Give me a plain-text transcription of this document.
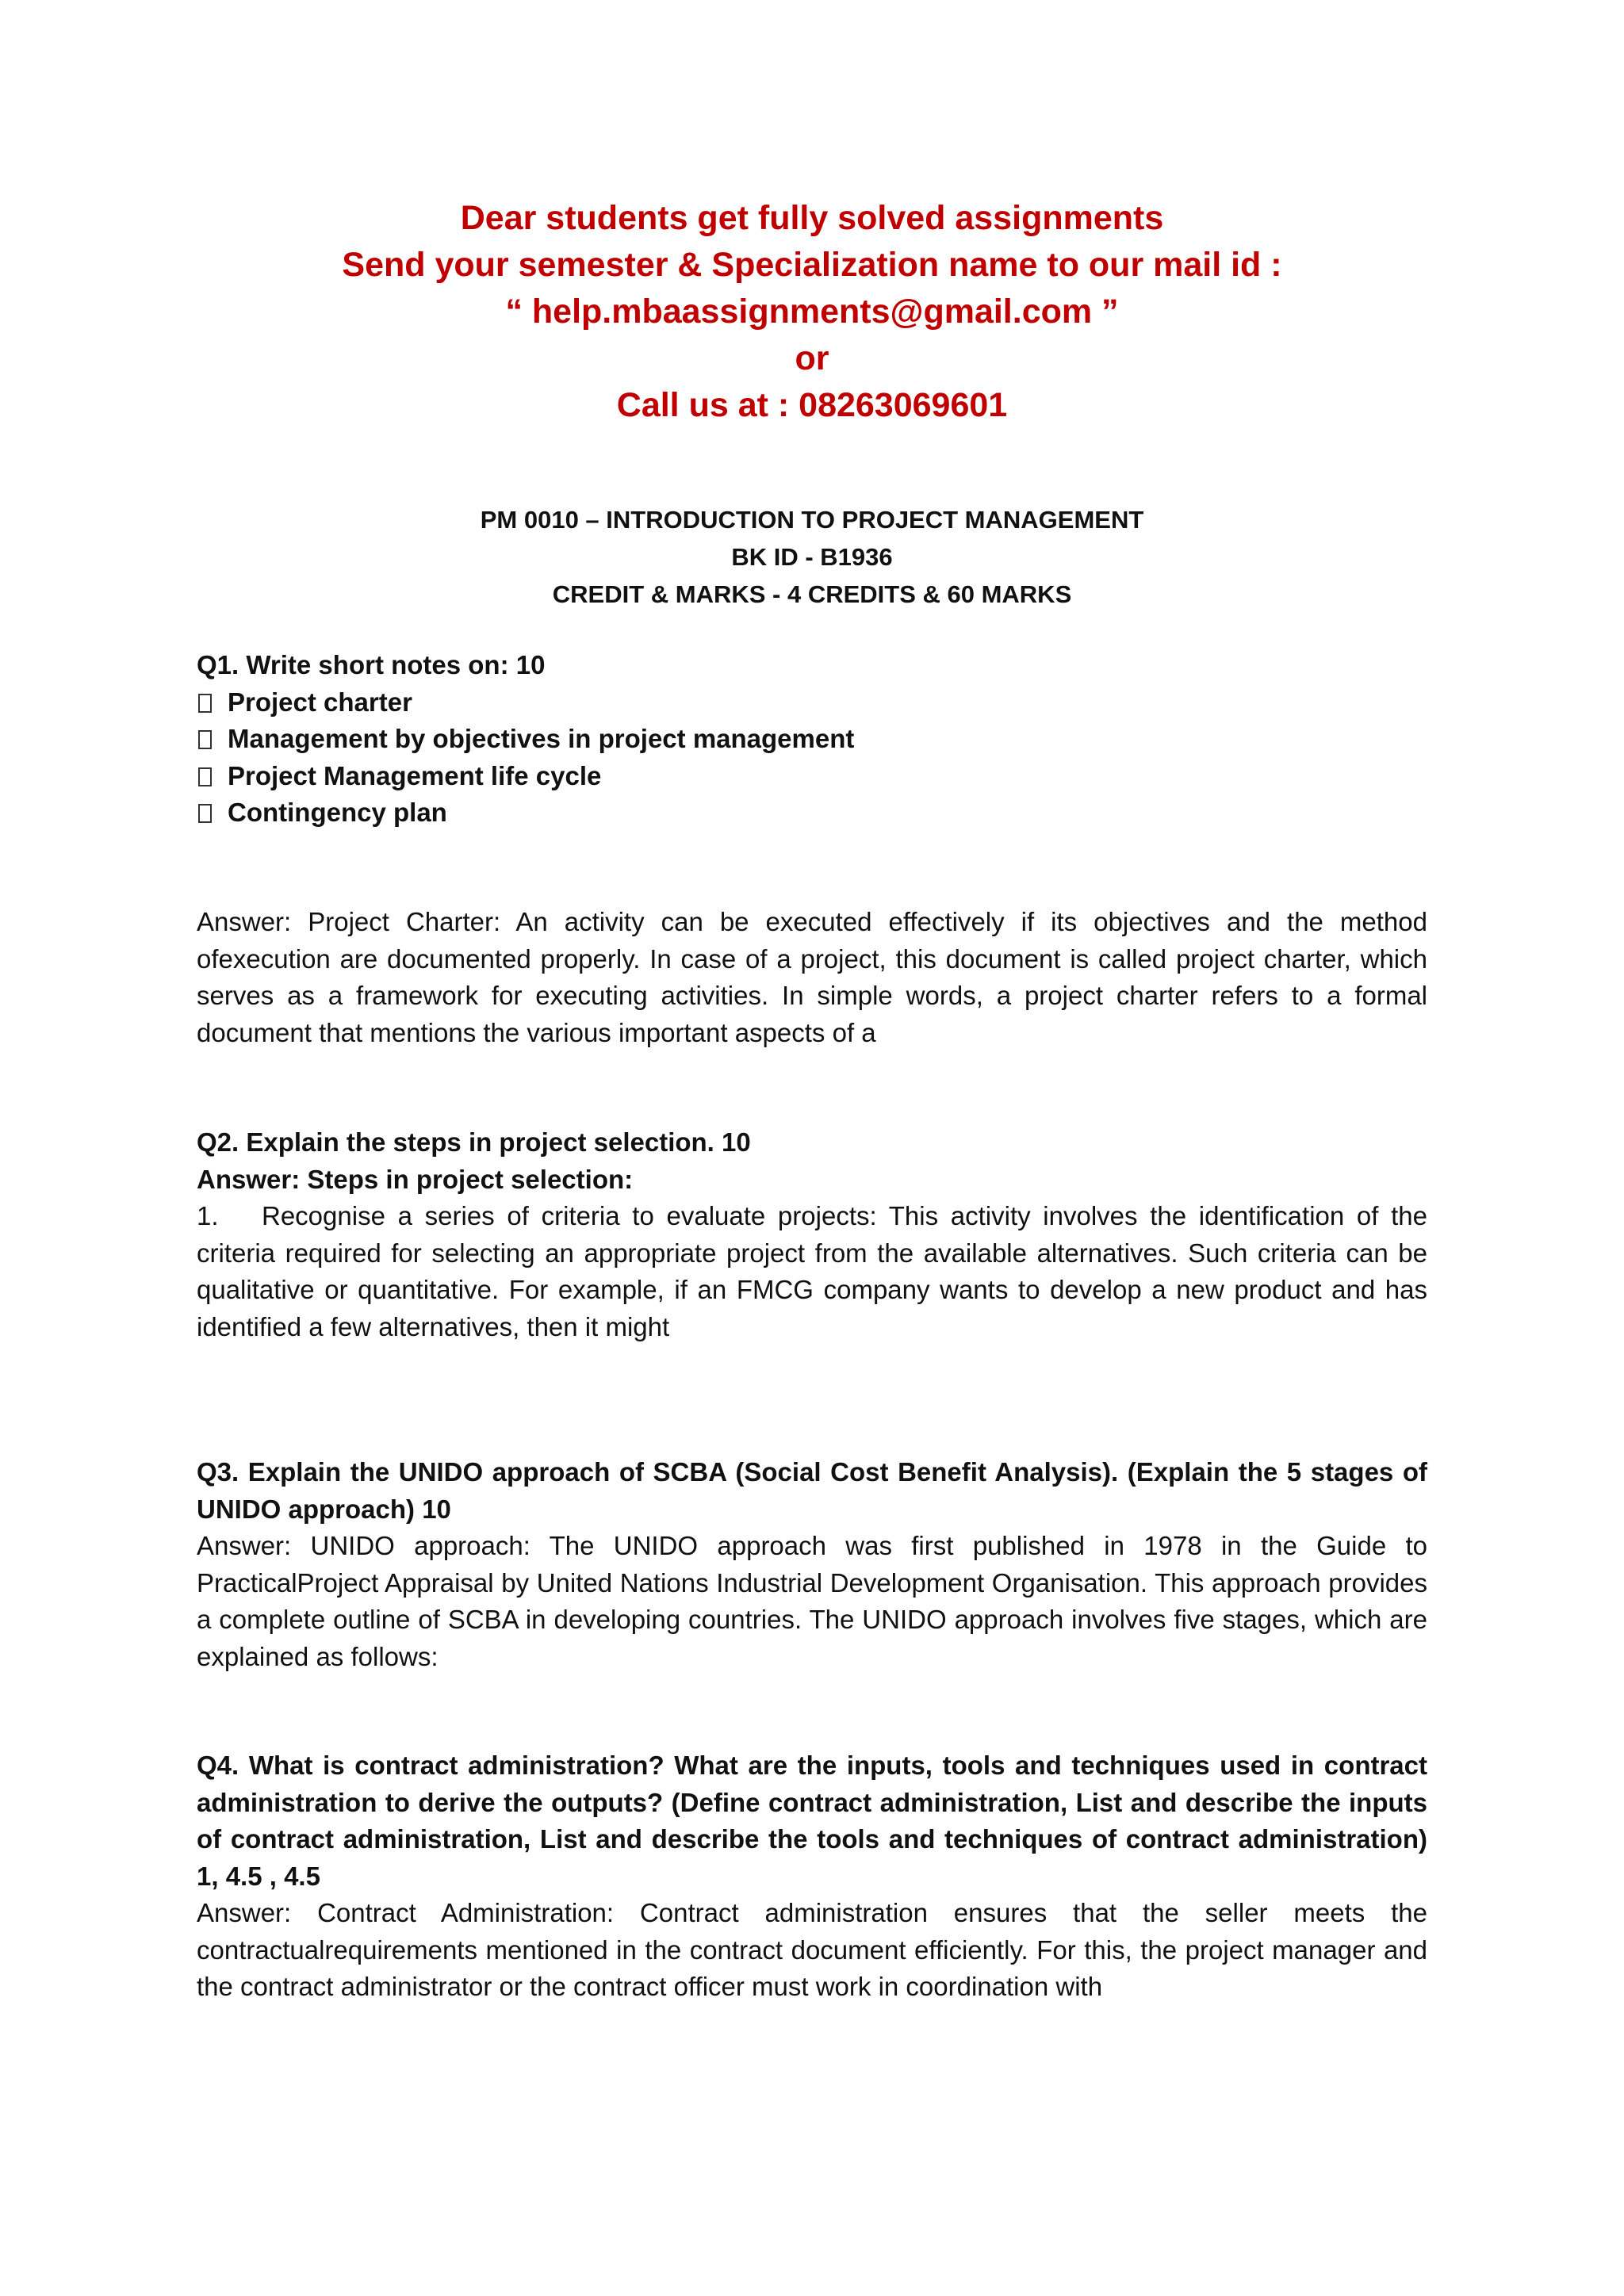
Dear students get fully solved assignments
Send your semester & Specialization name to our mail id :
“ help.mbaassignments@gmail.com ”
or
Call us at : 08263069601
PM 0010 – INTRODUCTION TO PROJECT MANAGEMENT
BK ID - B1936
CREDIT & MARKS - 4 CREDITS & 60 MARKS
Q1. Write short notes on: 10
Project charter
Management by objectives in project management
Project Management life cycle
Contingency plan
Answer: Project Charter: An activity can be executed effectively if its objectives and the method ofexecution are documented properly. In case of a project, this document is called project charter, which serves as a framework for executing activities. In simple words, a project charter refers to a formal document that mentions the various important aspects of a
Q2. Explain the steps in project selection. 10
Answer: Steps in project selection:
1. Recognise a series of criteria to evaluate projects: This activity involves the identification of the criteria required for selecting an appropriate project from the available alternatives. Such criteria can be qualitative or quantitative. For example, if an FMCG company wants to develop a new product and has identified a few alternatives, then it might
Q3. Explain the UNIDO approach of SCBA (Social Cost Benefit Analysis). (Explain the 5 stages of UNIDO approach) 10
Answer: UNIDO approach: The UNIDO approach was first published in 1978 in the Guide to PracticalProject Appraisal by United Nations Industrial Development Organisation. This approach provides a complete outline of SCBA in developing countries. The UNIDO approach involves five stages, which are explained as follows:
Q4. What is contract administration? What are the inputs, tools and techniques used in contract administration to derive the outputs? (Define contract administration, List and describe the inputs of contract administration, List and describe the tools and techniques of contract administration) 1, 4.5 , 4.5
Answer: Contract Administration: Contract administration ensures that the seller meets the contractualrequirements mentioned in the contract document efficiently. For this, the project manager and the contract administrator or the contract officer must work in coordination with
